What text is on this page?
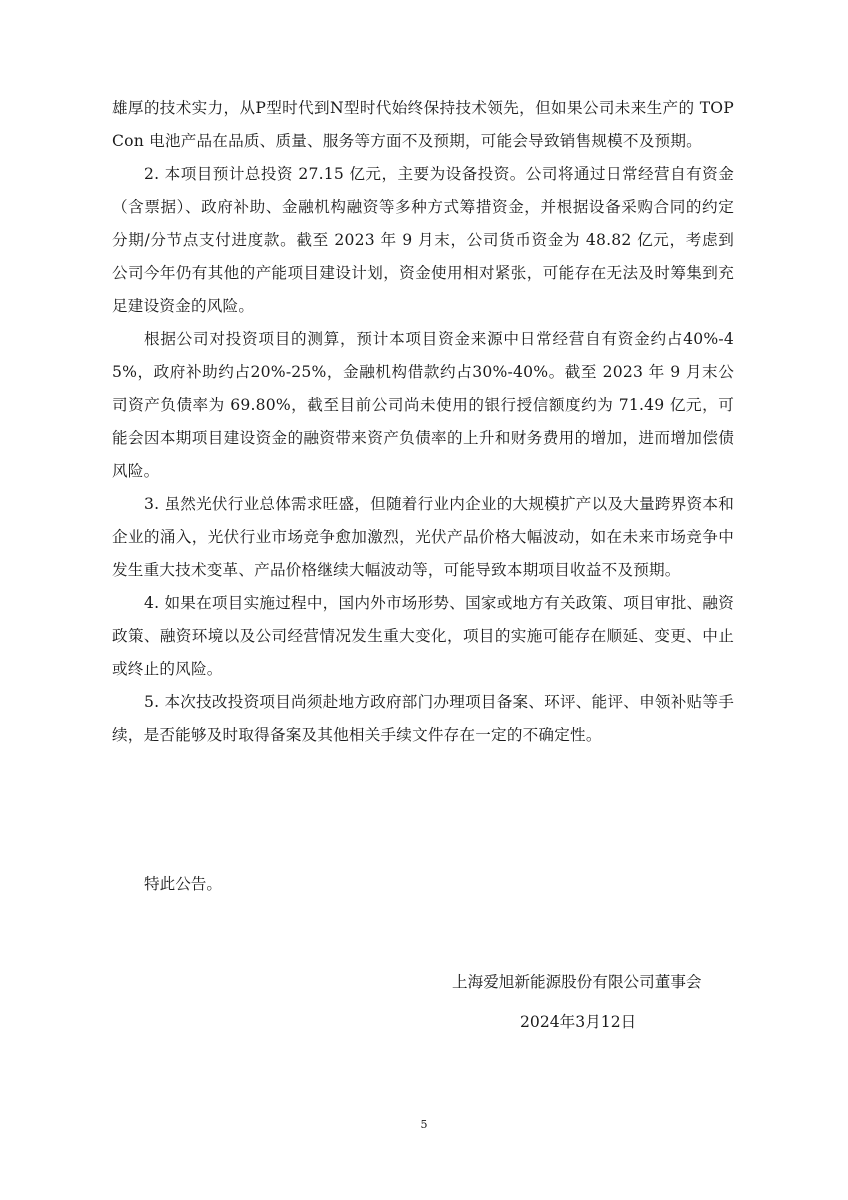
雄厚的技术实力，从P型时代到N型时代始终保持技术领先，但如果公司未来生产的 TOPCon 电池产品在品质、质量、服务等方面不及预期，可能会导致销售规模不及预期。

2. 本项目预计总投资 27.15 亿元，主要为设备投资。公司将通过日常经营自有资金（含票据）、政府补助、金融机构融资等多种方式筹措资金，并根据设备采购合同的约定分期/分节点支付进度款。截至 2023 年 9 月末，公司货币资金为 48.82 亿元，考虑到公司今年仍有其他的产能项目建设计划，资金使用相对紧张，可能存在无法及时筹集到充足建设资金的风险。

根据公司对投资项目的测算，预计本项目资金来源中日常经营自有资金约占40%-45%，政府补助约占20%-25%，金融机构借款约占30%-40%。截至 2023 年 9 月末公司资产负债率为 69.80%，截至目前公司尚未使用的银行授信额度约为 71.49 亿元，可能会因本期项目建设资金的融资带来资产负债率的上升和财务费用的增加，进而增加偿债风险。

3. 虽然光伏行业总体需求旺盛，但随着行业内企业的大规模扩产以及大量跨界资本和企业的涌入，光伏行业市场竞争愈加激烈，光伏产品价格大幅波动，如在未来市场竞争中发生重大技术变革、产品价格继续大幅波动等，可能导致本期项目收益不及预期。

4. 如果在项目实施过程中，国内外市场形势、国家或地方有关政策、项目审批、融资政策、融资环境以及公司经营情况发生重大变化，项目的实施可能存在顺延、变更、中止或终止的风险。

5. 本次技改投资项目尚须赴地方政府部门办理项目备案、环评、能评、申领补贴等手续，是否能够及时取得备案及其他相关手续文件存在一定的不确定性。

特此公告。

上海爱旭新能源股份有限公司董事会

2024年3月12日

5
